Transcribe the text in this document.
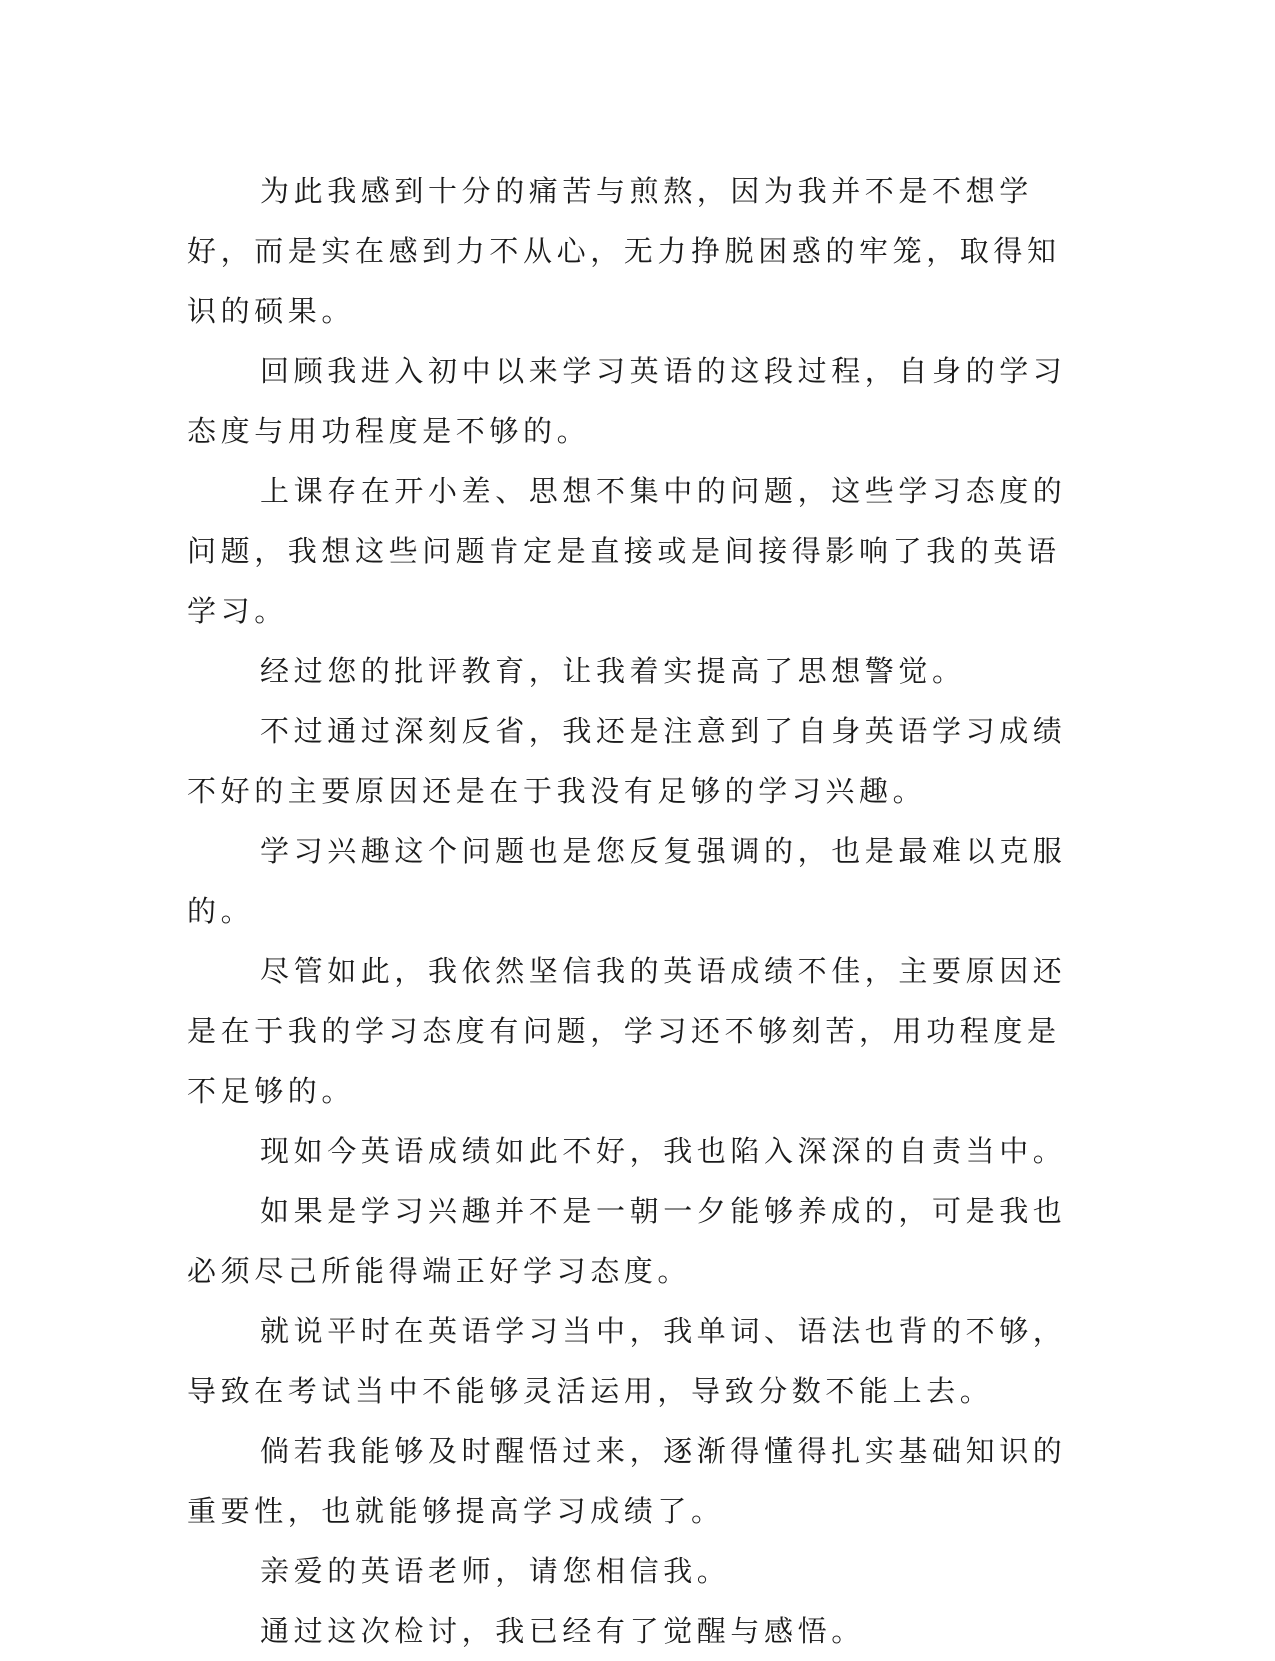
为此我感到十分的痛苦与煎熬，因为我并不是不想学好，而是实在感到力不从心，无力挣脱困惑的牢笼，取得知识的硕果。

回顾我进入初中以来学习英语的这段过程，自身的学习态度与用功程度是不够的。

上课存在开小差、思想不集中的问题，这些学习态度的问题，我想这些问题肯定是直接或是间接得影响了我的英语学习。

经过您的批评教育，让我着实提高了思想警觉。

不过通过深刻反省，我还是注意到了自身英语学习成绩不好的主要原因还是在于我没有足够的学习兴趣。

学习兴趣这个问题也是您反复强调的，也是最难以克服的。

尽管如此，我依然坚信我的英语成绩不佳，主要原因还是在于我的学习态度有问题，学习还不够刻苦，用功程度是不足够的。

现如今英语成绩如此不好，我也陷入深深的自责当中。

如果是学习兴趣并不是一朝一夕能够养成的，可是我也必须尽己所能得端正好学习态度。

就说平时在英语学习当中，我单词、语法也背的不够，导致在考试当中不能够灵活运用，导致分数不能上去。

倘若我能够及时醒悟过来，逐渐得懂得扎实基础知识的重要性，也就能够提高学习成绩了。

亲爱的英语老师，请您相信我。

通过这次检讨，我已经有了觉醒与感悟。
